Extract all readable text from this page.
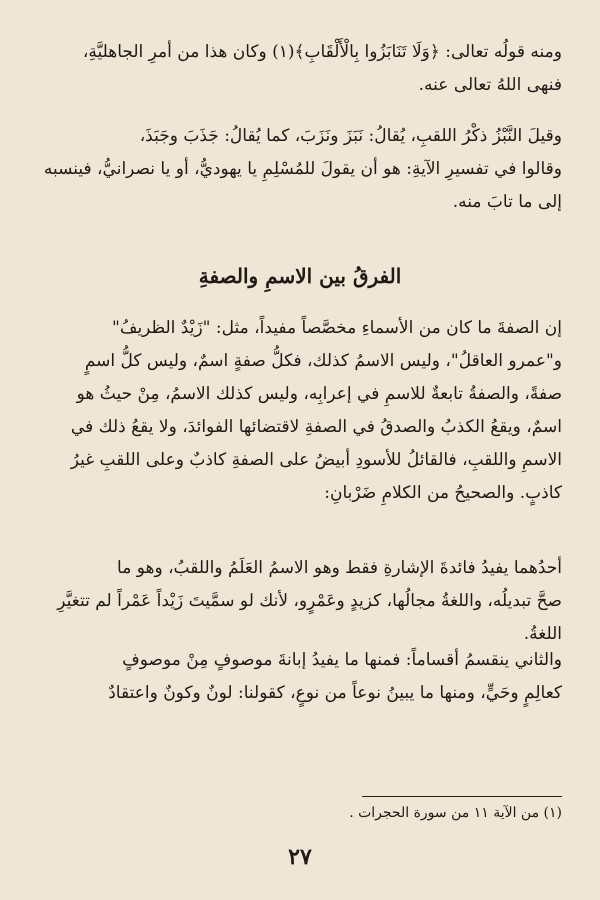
ومنه قولُه تعالى: ﴿وَلَا تَنَابَزُوا بِالْأَلْقَابِ﴾(١) وكان هذا من أمرِ الجاهليَّةِ،
فنهى اللهُ تعالى عنه.

وقيلَ النَّبْزُ ذكْرُ اللقبِ، يُقالُ: نَبَزَ ونَزَبَ، كما يُقالُ: جَذَبَ وجَبَذَ،
وقالوا في تفسيرِ الآيةِ: هو أن يقولَ للمُسْلِمِ يا يهوديُّ، أو يا نصرانيُّ، فينسبه
إلى ما تابَ منه.

الفرقُ بين الاسمِ والصفةِ

إن الصفةَ ما كان من الأسماءِ مخصَّصاً مفيداً، مثل: "زَيْدٌ الظريفُ"
و"عمرو العاقلُ"، وليس الاسمُ كذلك، فكلُّ صفةٍ اسمٌ، وليس كلُّ اسمٍ
صفةً، والصفةُ تابعةٌ للاسمِ في إعرابِه، وليس كذلك الاسمُ، مِنْ حيثُ هو
اسمٌ، ويقعُ الكذبُ والصدقُ في الصفةِ لاقتضائها الفوائدَ، ولا يقعُ ذلك في
الاسمِ واللقبِ، فالقائلُ للأسودِ أبيضُ على الصفةِ كاذبٌ وعلى اللقبِ غيرُ
كاذبٍ. والصحيحُ من الكلامِ ضَرْبانِ:

أحدُهما يفيدُ فائدةَ الإشارةِ فقط وهو الاسمُ العَلَمُ واللقبُ، وهو ما
صحَّ تبديلُه، واللغةُ مجالُها، كزيدٍ وعَمْرٍو، لأنك لو سمَّيتَ زَيْداً عَمْراً لم تتغيَّرِ
اللغةُ.

والثاني ينقسمُ أقساماً: فمنها ما يفيدُ إبانةَ موصوفٍ مِنْ موصوفٍ
كعالِمٍ وحَيٍّ، ومنها ما يبينُ نوعاً من نوعٍ، كقولنا: لونٌ وكونٌ واعتقادٌ

(١) من الآية ١١ من سورة الحجرات .

٢٧
